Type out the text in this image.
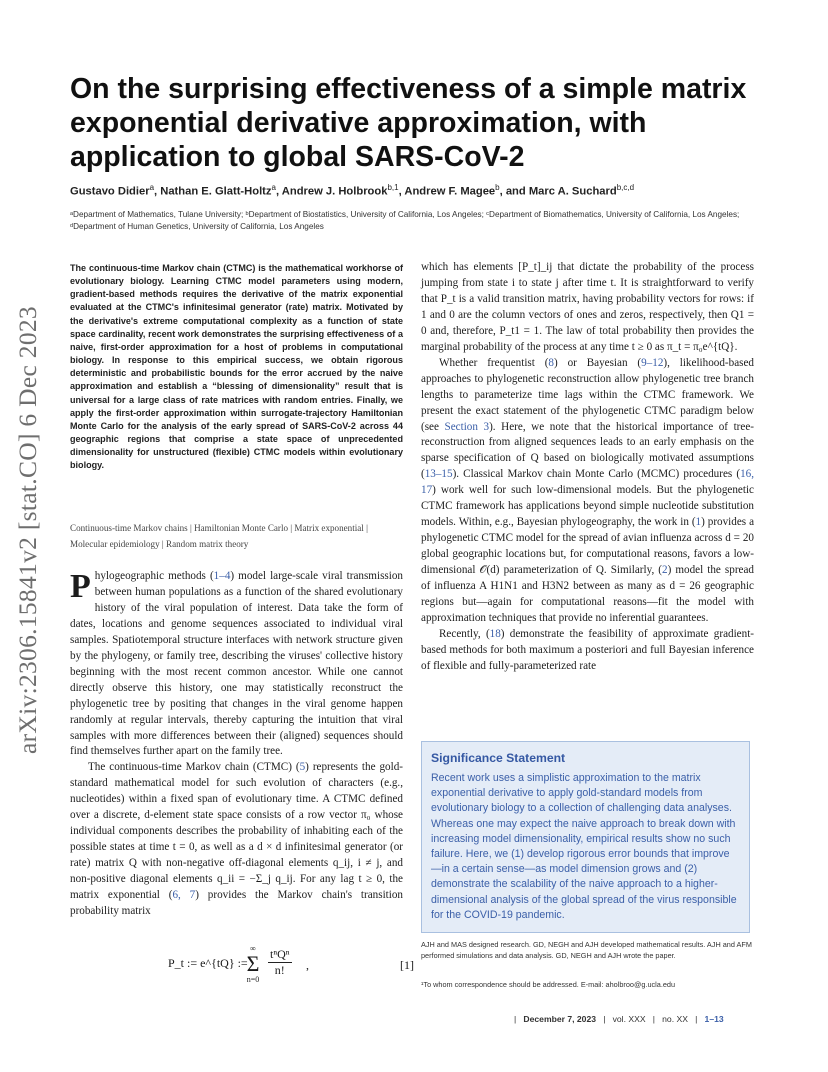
arXiv:2306.15841v2 [stat.CO] 6 Dec 2023
On the surprising effectiveness of a simple matrix exponential derivative approximation, with application to global SARS-CoV-2

Gustavo Didier$^a$, Nathan E. Glatt-Holtz$^a$, Andrew J. Holbrook$^{b,1}$, Andrew F. Magee$^b$, and Marc A. Suchard$^{b,c,d}$

ᵃDepartment of Mathematics, Tulane University; ᵇDepartment of Biostatistics, University of California, Los Angeles; ᶜDepartment of Biomathematics, University of California, Los Angeles; ᵈDepartment of Human Genetics, University of California, Los Angeles

The continuous-time Markov chain (CTMC) is the mathematical workhorse of evolutionary biology. Learning CTMC model parameters using modern, gradient-based methods requires the derivative of the matrix exponential evaluated at the CTMC's infinitesimal generator (rate) matrix. Motivated by the derivative's extreme computational complexity as a function of state space cardinality, recent work demonstrates the surprising effectiveness of a naive, first-order approximation for a host of problems in computational biology. In response to this empirical success, we obtain rigorous deterministic and probabilistic bounds for the error accrued by the naive approximation and establish a “blessing of dimensionality” result that is universal for a large class of rate matrices with random entries. Finally, we apply the first-order approximation within surrogate-trajectory Hamiltonian Monte Carlo for the analysis of the early spread of SARS-CoV-2 across 44 geographic regions that comprise a state space of unprecedented dimensionality for unstructured (flexible) CTMC models within evolutionary biology.

Continuous-time Markov chains | Hamiltonian Monte Carlo | Matrix exponential | Molecular epidemiology | Random matrix theory

Phylogeographic methods (1–4) model large-scale viral transmission between human populations as a function of the shared evolutionary history of the viral population of interest. Data take the form of dates, locations and genome sequences associated to individual viral samples. Spatiotemporal structure interfaces with network structure given by the phylogeny, or family tree, describing the viruses' collective history beginning with the most recent common ancestor. While one cannot directly observe this history, one may statistically reconstruct the phylogenetic tree by positing that changes in the viral genome happen randomly at regular intervals, thereby capturing the intuition that viral samples with more differences between their (aligned) sequences should find themselves further apart on the family tree.

The continuous-time Markov chain (CTMC) (5) represents the gold-standard mathematical model for such evolution of characters (e.g., nucleotides) within a fixed span of evolutionary time. A CTMC defined over a discrete, d-element state space consists of a row vector π₀ whose individual components describes the probability of inhabiting each of the possible states at time t = 0, as well as a d × d infinitesimal generator (or rate) matrix Q with non-negative off-diagonal elements q_ij, i ≠ j, and non-positive diagonal elements q_ii = −Σ_j q_ij. For any lag t ≥ 0, the matrix exponential (6, 7) provides the Markov chain's transition probability matrix

P_t := e^{tQ} :=
∞
Σ
n=0
tⁿQⁿ
n!	,	[1]

which has elements [P_t]_ij that dictate the probability of the process jumping from state i to state j after time t. It is straightforward to verify that P_t is a valid transition matrix, having probability vectors for rows: if 1 and 0 are the column vectors of ones and zeros, respectively, then Q1 = 0 and, therefore, P_t1 = 1. The law of total probability then provides the marginal probability of the process at any time t ≥ 0 as π_t = π₀e^{tQ}.

Whether frequentist (8) or Bayesian (9–12), likelihood-based approaches to phylogenetic reconstruction allow phylogenetic tree branch lengths to parameterize time lags within the CTMC framework. We present the exact statement of the phylogenetic CTMC paradigm below (see Section 3). Here, we note that the historical importance of tree-reconstruction from aligned sequences leads to an early emphasis on the sparse specification of Q based on biologically motivated assumptions (13–15). Classical Markov chain Monte Carlo (MCMC) procedures (16, 17) work well for such low-dimensional models. But the phylogenetic CTMC framework has applications beyond simple nucleotide substitution models. Within, e.g., Bayesian phylogeography, the work in (1) provides a phylogenetic CTMC model for the spread of avian influenza across d = 20 global geographic locations but, for computational reasons, favors a low-dimensional 𝒪(d) parameterization of Q. Similarly, (2) model the spread of influenza A H1N1 and H3N2 between as many as d = 26 geographic regions but—again for computational reasons—fit the model with approximation techniques that provide no inferential guarantees.

Recently, (18) demonstrate the feasibility of approximate gradient-based methods for both maximum a posteriori and full Bayesian inference of flexible and fully-parameterized rate

Significance Statement

Recent work uses a simplistic approximation to the matrix exponential derivative to apply gold-standard models from evolutionary biology to a collection of challenging data analyses. Whereas one may expect the naive approach to break down with increasing model dimensionality, empirical results show no such failure. Here, we (1) develop rigorous error bounds that improve—in a certain sense—as model dimension grows and (2) demonstrate the scalability of the naive approach to a higher-dimensional analysis of the global spread of the virus responsible for the COVID-19 pandemic.

AJH and MAS designed research. GD, NEGH and AJH developed mathematical results. AJH and AFM performed simulations and data analysis. GD, NEGH and AJH wrote the paper.

¹To whom correspondence should be addressed. E-mail: aholbroo@g.ucla.edu

| December 7, 2023 | vol. XXX | no. XX | 1–13
